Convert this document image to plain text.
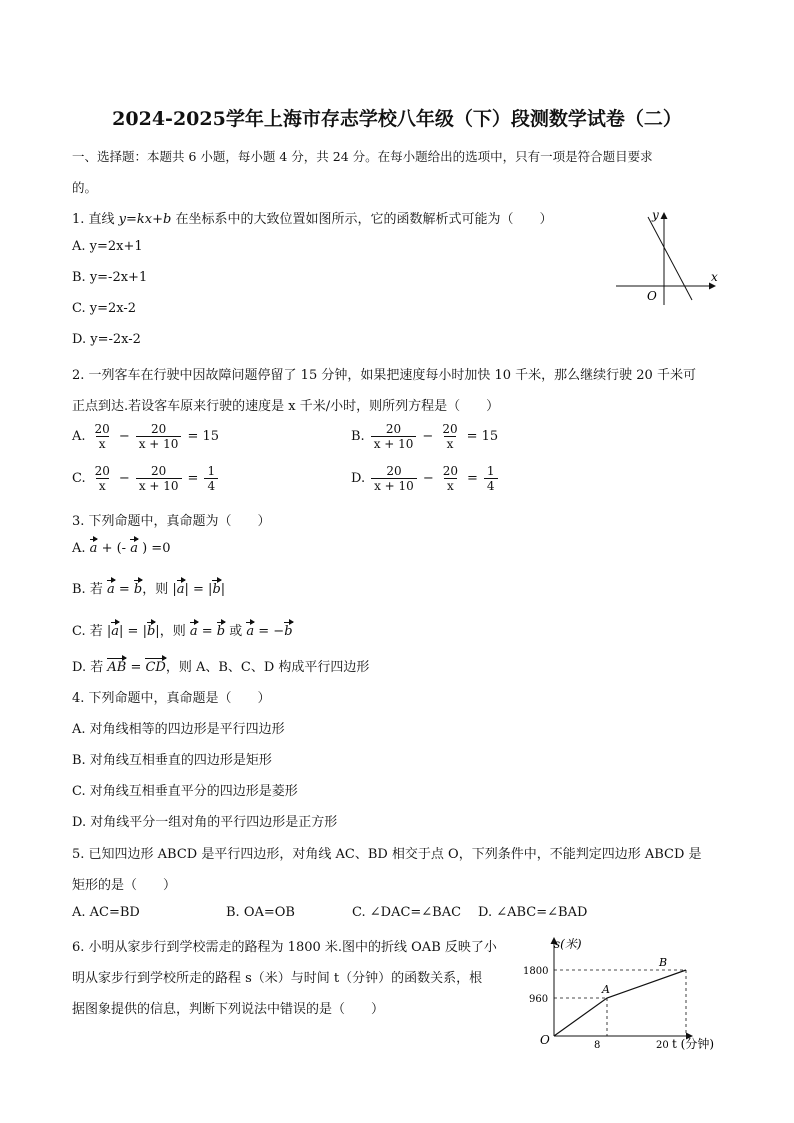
2024-2025学年上海市存志学校八年级（下）段测数学试卷（二）
一、选择题：本题共 6 小题，每小题 4 分，共 24 分。在每小题给出的选项中，只有一项是符合题目要求
的。
1. 直线 y=kx+b 在坐标系中的大致位置如图所示，它的函数解析式可能为（　　）
A. y=2x+1
B. y=-2x+1
C. y=2x-2
D. y=-2x-2
y
x
O
2. 一列客车在行驶中因故障问题停留了 15 分钟，如果把速度每小时加快 10 千米，那么继续行驶 20 千米可
正点到达.若设客车原来行驶的速度是 x 千米/小时，则所列方程是（　　）
A. $\frac{20}{x} - \frac{20}{x + 10} = 15$	B. $\frac{20}{x + 10} - \frac{20}{x} = 15$
C. $\frac{20}{x} - \frac{20}{x + 10} = \frac{1}{4}$	D. $\frac{20}{x + 10} - \frac{20}{x} = \frac{1}{4}$
3. 下列命题中，真命题为（　　）
A. a + (- a ) =0
B. 若 a = b，则 |a| = |b|
C. 若 |a| = |b|，则 a = b 或 a = −b
D. 若 AB = CD，则 A、B、C、D 构成平行四边形
4. 下列命题中，真命题是（　　）
A. 对角线相等的四边形是平行四边形
B. 对角线互相垂直的四边形是矩形
C. 对角线互相垂直平分的四边形是菱形
D. 对角线平分一组对角的平行四边形是正方形
5. 已知四边形 ABCD 是平行四边形，对角线 AC、BD 相交于点 O，下列条件中，不能判定四边形 ABCD 是
矩形的是（　　）
A. AC=BD	B. OA=OB	C. ∠DAC=∠BAC D. ∠ABC=∠BAD
6. 小明从家步行到学校需走的路程为 1800 米.图中的折线 OAB 反映了小
明从家步行到学校所走的路程 s（米）与时间 t（分钟）的函数关系，根
据图象提供的信息，判断下列说法中错误的是（　　）
s(米)
t (分钟)
O
A
B
1800
960
8	20
